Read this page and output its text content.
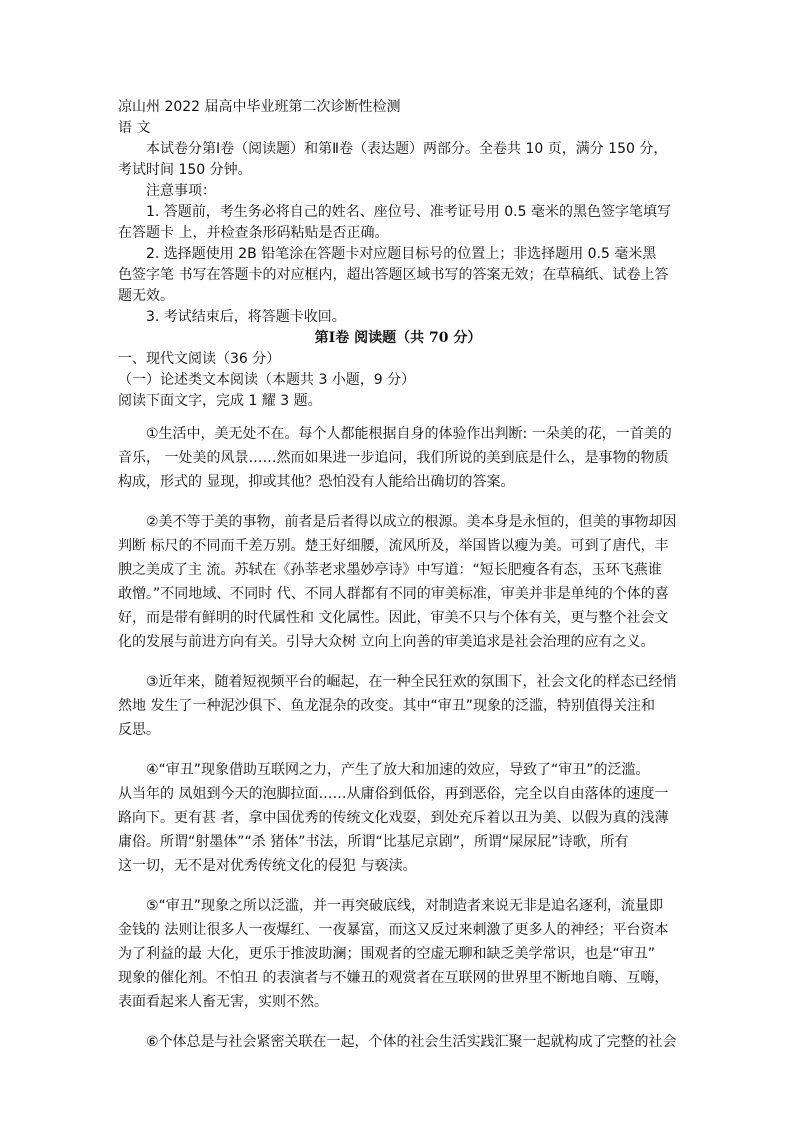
凉山州 2022 届高中毕业班第二次诊断性检测

语 文

本试卷分第Ⅰ卷（阅读题）和第Ⅱ卷（表达题）两部分。全卷共 10 页，满分 150 分，

考试时间 150 分钟。

注意事项：

1. 答题前，考生务必将自己的姓名、座位号、准考证号用 0.5 毫米的黑色签字笔填写

在答题卡 上，并检查条形码粘贴是否正确。

2. 选择题使用 2B 铅笔涂在答题卡对应题目标号的位置上；非选择题用 0.5 毫米黑

色签字笔 书写在答题卡的对应框内，超出答题区域书写的答案无效；在草稿纸、试卷上答

题无效。

3. 考试结束后，将答题卡收回。

第Ⅰ卷 阅读题（共 70 分）

一、现代文阅读（36 分）

（一）论述类文本阅读（本题共 3 小题，9 分）

阅读下面文字，完成 1 耀 3 题。

①生活中，美无处不在。每个人都能根据自身的体验作出判断: 一朵美的花，一首美的

音乐， 一处美的风景……然而如果进一步追问，我们所说的美到底是什么，是事物的物质

构成，形式的 显现，抑或其他？恐怕没有人能给出确切的答案。

②美不等于美的事物，前者是后者得以成立的根源。美本身是永恒的，但美的事物却因

判断 标尺的不同而千差万别。楚王好细腰，流风所及，举国皆以瘦为美。可到了唐代，丰

腴之美成了主 流。苏轼在《孙莘老求墨妙亭诗》中写道：“短长肥瘦各有态，玉环飞燕谁

敢憎。”不同地域、不同时 代、不同人群都有不同的审美标准，审美并非是单纯的个体的喜

好，而是带有鲜明的时代属性和 文化属性。因此，审美不只与个体有关，更与整个社会文

化的发展与前进方向有关。引导大众树 立向上向善的审美追求是社会治理的应有之义。

③近年来，随着短视频平台的崛起，在一种全民狂欢的氛围下，社会文化的样态已经悄

然地 发生了一种泥沙俱下、鱼龙混杂的改变。其中“审丑”现象的泛滥，特别值得关注和

反思。

④“审丑”现象借助互联网之力，产生了放大和加速的效应，导致了“审丑”的泛滥。

从当年的 凤姐到今天的泡脚拉面……从庸俗到低俗，再到恶俗，完全以自由落体的速度一

路向下。更有甚 者，拿中国优秀的传统文化戏耍，到处充斥着以丑为美、以假为真的浅薄

庸俗。所谓“射墨体”“杀 猪体”书法，所谓“比基尼京剧”，所谓“屎尿屁”诗歌，所有

这一切，无不是对优秀传统文化的侵犯 与亵渎。

⑤“审丑”现象之所以泛滥，并一再突破底线，对制造者来说无非是追名逐利，流量即

金钱的 法则让很多人一夜爆红、一夜暴富，而这又反过来刺激了更多人的神经；平台资本

为了利益的最 大化，更乐于推波助澜；围观者的空虚无聊和缺乏美学常识，也是“审丑”

现象的催化剂。不怕丑 的表演者与不嫌丑的观赏者在互联网的世界里不断地自嗨、互嗨，

表面看起来人畜无害，实则不然。

⑥个体总是与社会紧密关联在一起，个体的社会生活实践汇聚一起就构成了完整的社会
